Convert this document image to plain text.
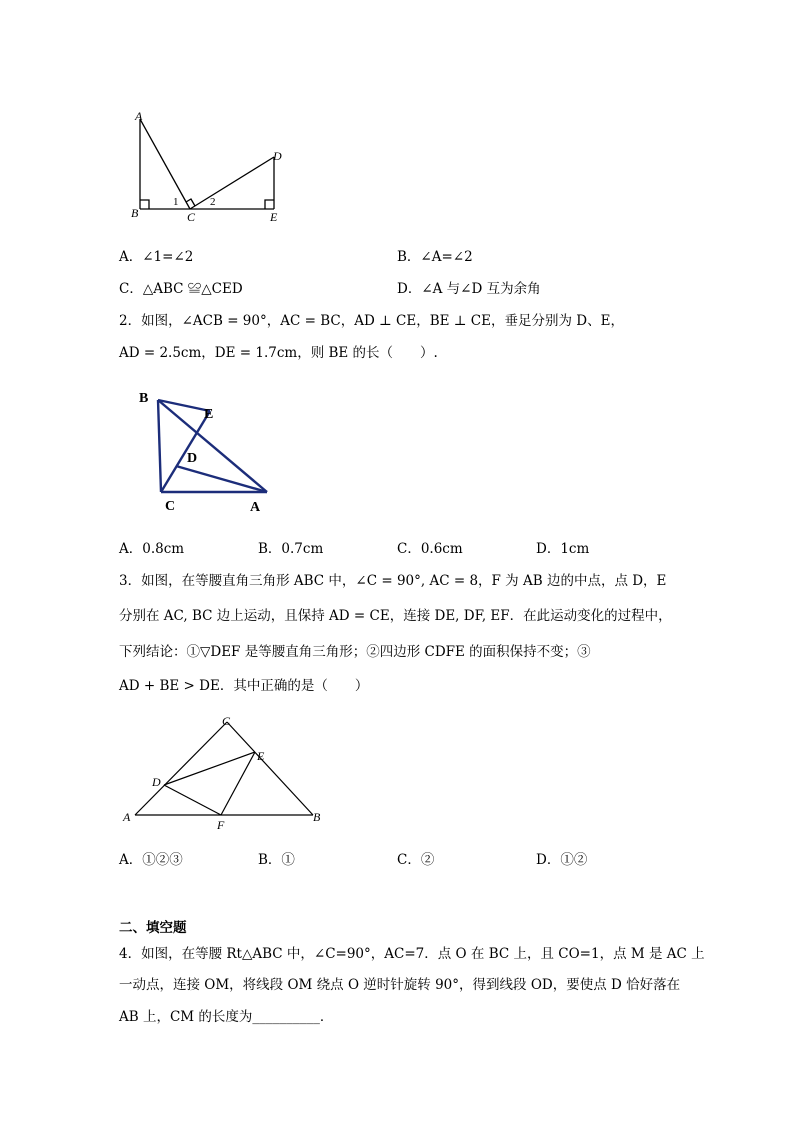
A
B	C
D
E
1	2
A．∠1=∠2	B．∠A=∠2
C．△ABC ≌△CED	D．∠A 与∠D 互为余角
2．如图，∠ACB = 90°，AC = BC，AD ⊥ CE，BE ⊥ CE，垂足分别为 D、E，
AD = 2.5cm，DE = 1.7cm，则 BE 的长（　　）.
B
E
D
C	A
A．0.8cm	B．0.7cm	C．0.6cm	D．1cm
3．如图，在等腰直角三角形 ABC 中，∠C = 90°, AC = 8，F 为 AB 边的中点，点 D，E
分别在 AC, BC 边上运动，且保持 AD = CE，连接 DE, DF, EF．在此运动变化的过程中，
下列结论：①▽DEF 是等腰直角三角形；②四边形 CDFE 的面积保持不变；③
AD + BE > DE．其中正确的是（　　）
C
E
D
A
F
B
A．①②③	B．①	C．②	D．①②
二、填空题
4．如图，在等腰 Rt△ABC 中，∠C=90°，AC=7．点 O 在 BC 上，且 CO=1，点 M 是 AC 上
一动点，连接 OM，将线段 OM 绕点 O 逆时针旋转 90°，得到线段 OD，要使点 D 恰好落在
AB 上，CM 的长度为__________．
